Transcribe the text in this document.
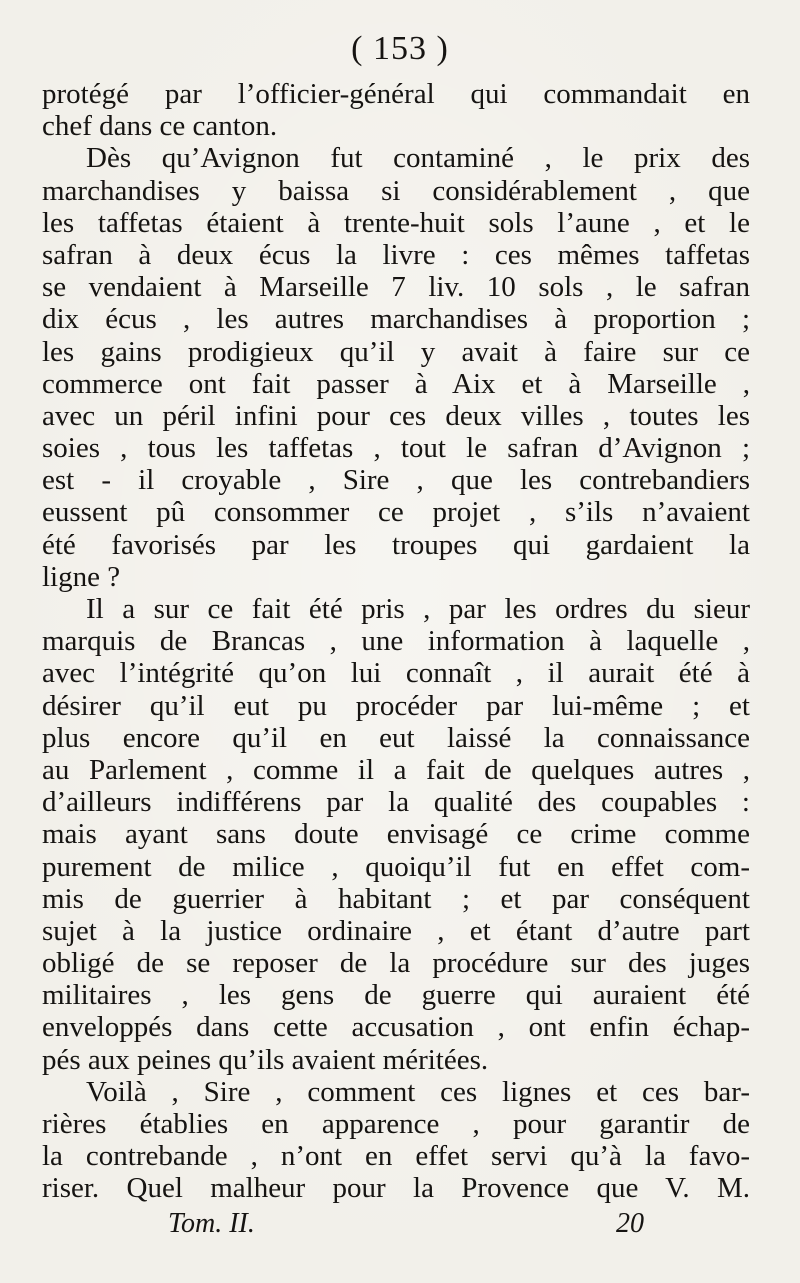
( 153 )
protégé par l’officier-général qui commandait en
chef dans ce canton.
Dès qu’Avignon fut contaminé , le prix des
marchandises y baissa si considérablement , que
les taffetas étaient à trente-huit sols l’aune , et le
safran à deux écus la livre : ces mêmes taffetas
se vendaient à Marseille 7 liv. 10 sols , le safran
dix écus , les autres marchandises à proportion ;
les gains prodigieux qu’il y avait à faire sur ce
commerce ont fait passer à Aix et à Marseille ,
avec un péril infini pour ces deux villes , toutes les
soies , tous les taffetas , tout le safran d’Avignon ;
est - il croyable , Sire , que les contrebandiers
eussent pû consommer ce projet , s’ils n’avaient
été favorisés par les troupes qui gardaient la
ligne ?
Il a sur ce fait été pris , par les ordres du sieur
marquis de Brancas , une information à laquelle ,
avec l’intégrité qu’on lui connaît , il aurait été à
désirer qu’il eut pu procéder par lui-même ; et
plus encore qu’il en eut laissé la connaissance
au Parlement , comme il a fait de quelques autres ,
d’ailleurs indifférens par la qualité des coupables :
mais ayant sans doute envisagé ce crime comme
purement de milice , quoiqu’il fut en effet com-
mis de guerrier à habitant ; et par conséquent
sujet à la justice ordinaire , et étant d’autre part
obligé de se reposer de la procédure sur des juges
militaires , les gens de guerre qui auraient été
enveloppés dans cette accusation , ont enfin échap-
pés aux peines qu’ils avaient méritées.
Voilà , Sire , comment ces lignes et ces bar-
rières établies en apparence , pour garantir de
la contrebande , n’ont en effet servi qu’à la favo-
riser. Quel malheur pour la Provence que V. M.
Tom. II.	20
